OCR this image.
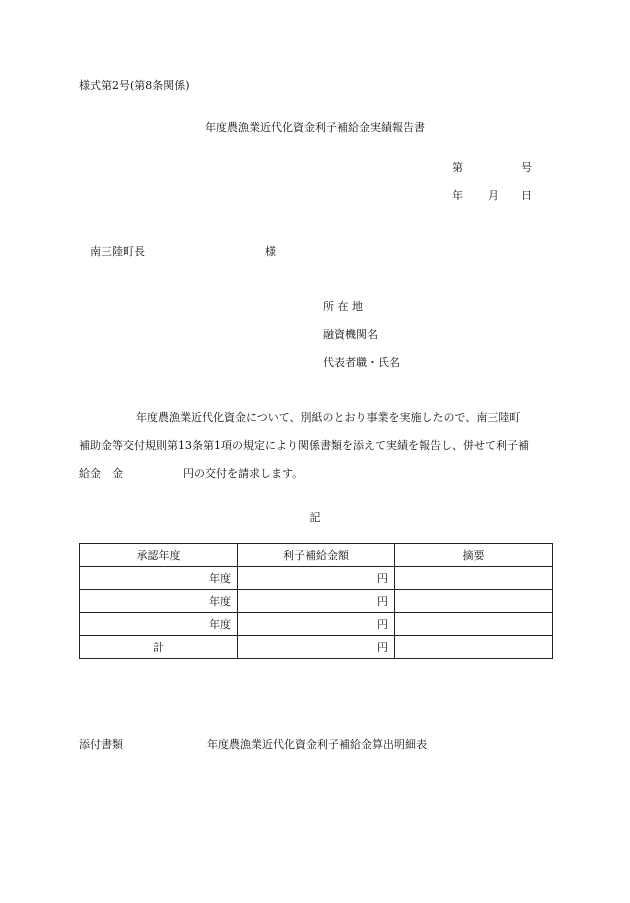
様式第2号(第8条関係)
年度農漁業近代化資金利子補給金実績報告書
第	号
年 月 日
南三陸町長	様
所 在 地
融資機関名
代表者職・氏名
年度農漁業近代化資金について、別紙のとおり事業を実施したので、南三陸町
補助金等交付規則第13条第1項の規定により関係書類を添えて実績を報告し、併せて利子補
給金　金	円の交付を請求します。
記
承認年度	利子補給金額	摘要
年度	円	
年度	円	
年度	円	
計	円	
添付書類	年度農漁業近代化資金利子補給金算出明細表
